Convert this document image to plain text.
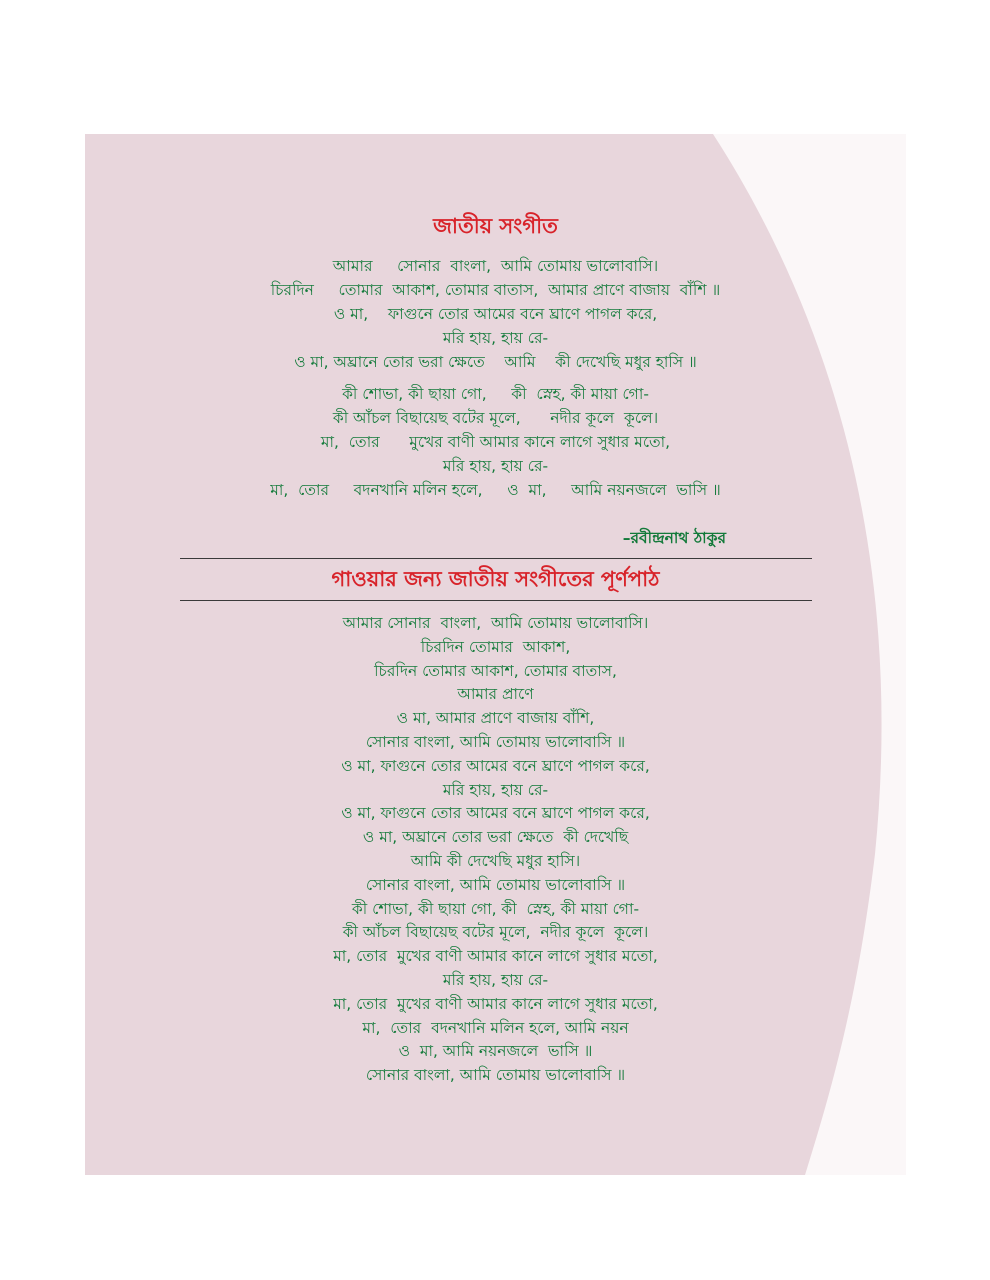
জাতীয় সংগীত
আমার     সোনার  বাংলা,  আমি তোমায় ভালোবাসি।
চিরদিন     তোমার  আকাশ, তোমার বাতাস,  আমার প্রাণে বাজায়  বাঁশি ॥
ও মা,    ফাগুনে তোর আমের বনে ঘ্রাণে পাগল করে,
মরি হায়, হায় রে-
ও মা, অঘ্রানে তোর ভরা ক্ষেতে    আমি    কী দেখেছি মধুর হাসি ॥
কী শোভা, কী ছায়া গো,     কী  স্নেহ, কী মায়া গো-
কী আঁচল বিছায়েছ বটের মূলে,      নদীর কূলে  কূলে।
মা,  তোর      মুখের বাণী আমার কানে লাগে সুধার মতো,
মরি হায়, হায় রে-
মা,  তোর     বদনখানি মলিন হলে,     ও  মা,     আমি নয়নজলে  ভাসি ॥
–রবীন্দ্রনাথ ঠাকুর
গাওয়ার জন্য জাতীয় সংগীতের পূর্ণপাঠ
আমার সোনার  বাংলা,  আমি তোমায় ভালোবাসি।
চিরদিন তোমার  আকাশ,
চিরদিন তোমার আকাশ, তোমার বাতাস,
আমার প্রাণে
ও মা, আমার প্রাণে বাজায় বাঁশি,
সোনার বাংলা, আমি তোমায় ভালোবাসি ॥
ও মা, ফাগুনে তোর আমের বনে ঘ্রাণে পাগল করে,
মরি হায়, হায় রে-
ও মা, ফাগুনে তোর আমের বনে ঘ্রাণে পাগল করে,
ও মা, অঘ্রানে তোর ভরা ক্ষেতে  কী দেখেছি
আমি কী দেখেছি মধুর হাসি।
সোনার বাংলা, আমি তোমায় ভালোবাসি ॥
কী শোভা, কী ছায়া গো, কী  স্নেহ, কী মায়া গো-
কী আঁচল বিছায়েছ বটের মূলে,  নদীর কূলে  কূলে।
মা, তোর  মুখের বাণী আমার কানে লাগে সুধার মতো,
মরি হায়, হায় রে-
মা, তোর  মুখের বাণী আমার কানে লাগে সুধার মতো,
মা,  তোর  বদনখানি মলিন হলে, আমি নয়ন
ও  মা, আমি নয়নজলে  ভাসি ॥
সোনার বাংলা, আমি তোমায় ভালোবাসি ॥
